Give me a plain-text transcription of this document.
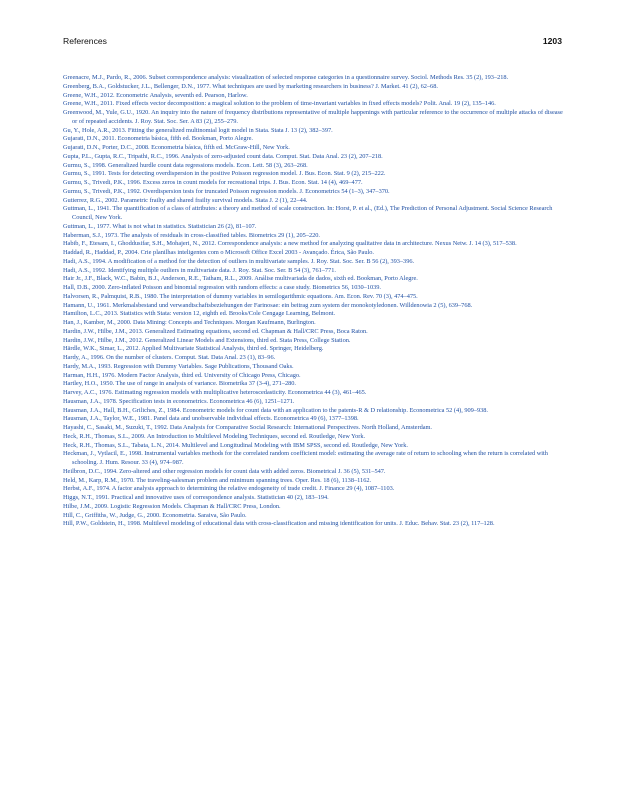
References	1203
Greenacre, M.J., Pardo, R., 2006. Subset correspondence analysis: visualization of selected response categories in a questionnaire survey. Sociol. Methods Res. 35 (2), 193–218.
Greenberg, B.A., Goldstucker, J.L., Bellenger, D.N., 1977. What techniques are used by marketing researchers in business? J. Market. 41 (2), 62–68.
Greene, W.H., 2012. Econometric Analysis, seventh ed. Pearson, Harlow.
Greene, W.H., 2011. Fixed effects vector decomposition: a magical solution to the problem of time-invariant variables in fixed effects models? Polit. Anal. 19 (2), 135–146.
Greenwood, M., Yule, G.U., 1920. An inquiry into the nature of frequency distributions representative of multiple happenings with particular reference to the occurrence of multiple attacks of disease or of repeated accidents. J. Roy. Stat. Soc. Ser. A 83 (2), 255–279.
Gu, Y., Hole, A.R., 2013. Fitting the generalized multinomial logit model in Stata. Stata J. 13 (2), 382–397.
Gujarati, D.N., 2011. Econometria básica, fifth ed. Bookman, Porto Alegre.
Gujarati, D.N., Porter, D.C., 2008. Econometria básica, fifth ed. McGraw-Hill, New York.
Gupta, P.L., Gupta, R.C., Tripathi, R.C., 1996. Analysis of zero-adjusted count data. Comput. Stat. Data Anal. 23 (2), 207–218.
Gurmu, S., 1998. Generalized hurdle count data regressions models. Econ. Lett. 58 (3), 263–268.
Gurmu, S., 1991. Tests for detecting overdispersion in the positive Poisson regression model. J. Bus. Econ. Stat. 9 (2), 215–222.
Gurmu, S., Trivedi, P.K., 1996. Excess zeros in count models for recreational trips. J. Bus. Econ. Stat. 14 (4), 469–477.
Gurmu, S., Trivedi, P.K., 1992. Overdispersion tests for truncated Poisson regression models. J. Econometrics 54 (1–3), 347–370.
Gutierrez, R.G., 2002. Parametric frailty and shared frailty survival models. Stata J. 2 (1), 22–44.
Guttman, L., 1941. The quantification of a class of attributes: a theory and method of scale construction. In: Horst, P. et al., (Ed.), The Prediction of Personal Adjustment. Social Science Research Council, New York.
Guttman, L., 1977. What is not what in statistics. Statistician 26 (2), 81–107.
Haberman, S.J., 1973. The analysis of residuals in cross-classified tables. Biometrics 29 (1), 205–220.
Habib, F., Etesam, I., Ghoddusifar, S.H., Mohajeri, N., 2012. Correspondence analysis: a new method for analyzing qualitative data in architecture. Nexus Netw. J. 14 (3), 517–538.
Haddad, R., Haddad, P., 2004. Crie planilhas inteligentes com o Microsoft Office Excel 2003 - Avançado. Érica, São Paulo.
Hadi, A.S., 1994. A modification of a method for the detection of outliers in multivariate samples. J. Roy. Stat. Soc. Ser. B 56 (2), 393–396.
Hadi, A.S., 1992. Identifying multiple outliers in multivariate data. J. Roy. Stat. Soc. Ser. B 54 (3), 761–771.
Hair Jr., J.F., Black, W.C., Babin, B.J., Anderson, R.E., Tatham, R.L., 2009. Análise multivariada de dados, sixth ed. Bookman, Porto Alegre.
Hall, D.B., 2000. Zero-inflated Poisson and binomial regression with random effects: a case study. Biometrics 56, 1030–1039.
Halvorsen, R., Palmquist, R.B., 1980. The interpretation of dummy variables in semilogarithmic equations. Am. Econ. Rev. 70 (3), 474–475.
Hamann, U., 1961. Merkmalsbestand und verwandtschaftsbeziehungen der Farinosae: ein beitrag zum system der monokotyledonen. Willdenowia 2 (5), 639–768.
Hamilton, L.C., 2013. Statistics with Stata: version 12, eighth ed. Brooks/Cole Cengage Learning, Belmont.
Han, J., Kamber, M., 2000. Data Mining: Concepts and Techniques. Morgan Kaufmann, Burlington.
Hardin, J.W., Hilbe, J.M., 2013. Generalized Estimating equations, second ed. Chapman & Hall/CRC Press, Boca Raton.
Hardin, J.W., Hilbe, J.M., 2012. Generalized Linear Models and Extensions, third ed. Stata Press, College Station.
Härdle, W.K., Simar, L., 2012. Applied Multivariate Statistical Analysis, third ed. Springer, Heidelberg.
Hardy, A., 1996. On the number of clusters. Comput. Stat. Data Anal. 23 (1), 83–96.
Hardy, M.A., 1993. Regression with Dummy Variables. Sage Publications, Thousand Oaks.
Harman, H.H., 1976. Modern Factor Analysis, third ed. University of Chicago Press, Chicago.
Hartley, H.O., 1950. The use of range in analysis of variance. Biometrika 37 (3-4), 271–280.
Harvey, A.C., 1976. Estimating regression models with multiplicative heteroscedasticity. Econometrica 44 (3), 461–465.
Hausman, J.A., 1978. Specification tests in econometrics. Econometrica 46 (6), 1251–1271.
Hausman, J.A., Hall, B.H., Griliches, Z., 1984. Econometric models for count data with an application to the patents-R & D relationship. Econometrica 52 (4), 909–938.
Hausman, J.A., Taylor, W.E., 1981. Panel data and unobservable individual effects. Econometrica 49 (6), 1377–1398.
Hayashi, C., Sasaki, M., Suzuki, T., 1992. Data Analysis for Comparative Social Research: International Perspectives. North Holland, Amsterdam.
Heck, R.H., Thomas, S.L., 2009. An Introduction to Multilevel Modeling Techniques, second ed. Routledge, New York.
Heck, R.H., Thomas, S.L., Tabata, L.N., 2014. Multilevel and Longitudinal Modeling with IBM SPSS, second ed. Routledge, New York.
Heckman, J., Vytlacil, E., 1998. Instrumental variables methods for the correlated random coefficient model: estimating the average rate of return to schooling when the return is correlated with schooling. J. Hum. Resour. 33 (4), 974–987.
Heilbron, D.C., 1994. Zero-altered and other regression models for count data with added zeros. Biometrical J. 36 (5), 531–547.
Held, M., Karp, R.M., 1970. The traveling-salesman problem and minimum spanning trees. Oper. Res. 18 (6), 1138–1162.
Herbst, A.F., 1974. A factor analysis approach to determining the relative endogeneity of trade credit. J. Finance 29 (4), 1087–1103.
Higgs, N.T., 1991. Practical and innovative uses of correspondence analysis. Statistician 40 (2), 183–194.
Hilbe, J.M., 2009. Logistic Regression Models. Chapman & Hall/CRC Press, London.
Hill, C., Griffiths, W., Judge, G., 2000. Econometria. Saraiva, São Paulo.
Hill, P.W., Goldstein, H., 1998. Multilevel modeling of educational data with cross-classification and missing identification for units. J. Educ. Behav. Stat. 23 (2), 117–128.
